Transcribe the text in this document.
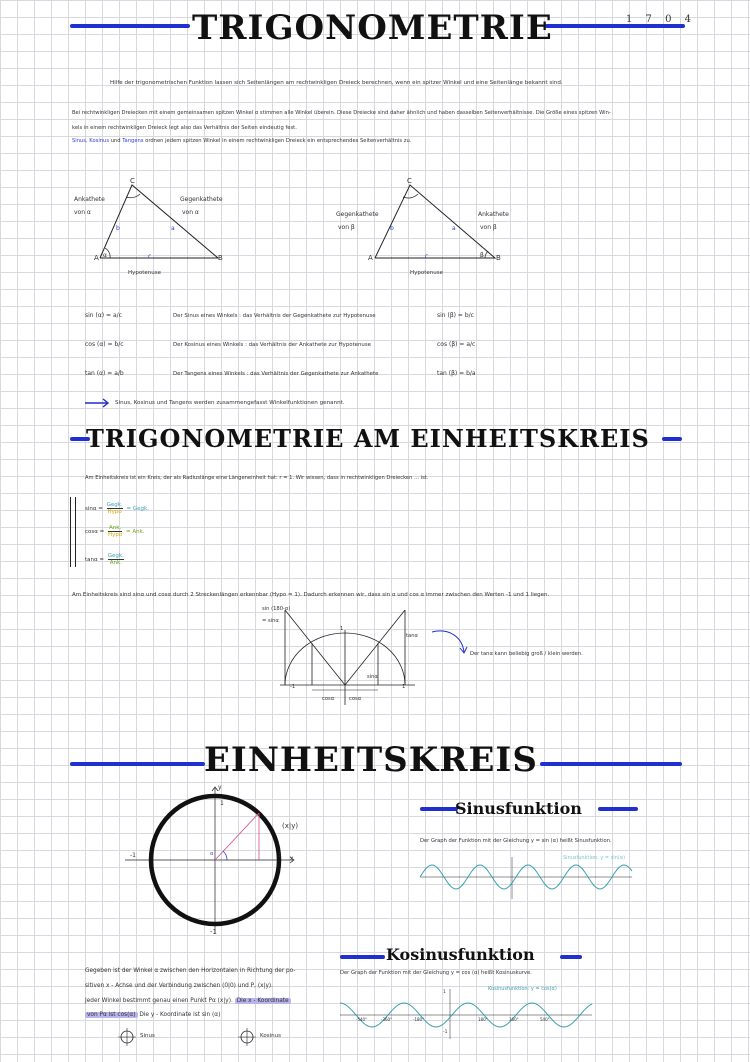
TRIGONOMETRIE	1 7 0 4
Hilfe der trigonometrischen Funktion lassen sich Seitenlängen am rechtwinkligen Dreieck berechnen, wenn ein spitzer Winkel und eine Seitenlänge bekannt sind.
Bei rechtwinkligen Dreiecken mit einem gemeinsamen spitzen Winkel α stimmen alle Winkel überein. Diese Dreiecke sind daher ähnlich und haben dasselben Seitenverhältnisse. Die Größe eines spitzen Win-
kels in einem rechtwinkligen Dreieck legt also das Verhältnis der Seiten eindeutig fest.
Sinus, Kosinus und Tangens ordnen jedem spitzen Winkel in einem rechtwinkligen Dreieck ein entsprechendes Seitenverhältnis zu.
Ankathete
von α
Gegenkathete
von α
Hypotenuse
A	B
C
b	a
c
α
Gegenkathete
von β
Ankathete
von β
Hypotenuse
A	B
C
b	a
c	β
sin (α) = a/c	Der Sinus eines Winkels : das Verhältnis der Gegenkathete zur Hypotenuse	sin (β) = b/c
cos (α) = b/c	Der Kosinus eines Winkels : das Verhältnis der Ankathete zur Hypotenuse	cos (β) = a/c
tan (α) = a/b	Der Tangens eines Winkels : das Verhältnis der Gegenkathete zur Ankathete	tan (β) = b/a
Sinus, Kosinus und Tangens werden zusammengefasst Winkelfunktionen genannt.
TRIGONOMETRIE AM EINHEITSKREIS
Am Einheitskreis ist ein Kreis, der als Radiuslänge eine Längeneinheit hat: r = 1. Wir wissen, dass in rechtwinkligen Dreiecken ... ist.
sinα =
Gegk.
Hypo = Gegk.
cosα =
Ank.
Hypo = Ank.
tanα =
Gegk.
Ank.
Am Einheitskreis sind sinα und cosα durch 2 Streckenlängen erkennbar (Hypo = 1). Dadurch erkennen wir, dass sin α und cos α immer zwischen den Werten -1 und 1 liegen.
sin (180-α)
= sinα
tanα
sinα
cosα	cosα
-1	1
1
Der tanα kann beliebig groß / klein werden.
EINHEITSKREIS
y
x
1
1
-1
-1
α
(x|y)
Gegeben ist der Winkel α zwischen den Horizontalen in Richtung der po-
sitiven x - Achse und der Verbindung zwischen (0|0) und P, (x|y).
Jeder Winkel bestimmt genau einen Punkt Pα (x|y). Die x - Koordinate
von Pα ist cos(α) Die y - Koordinate ist sin (α)
Sinus	Kosinus
Sinusfunktion
Der Graph der Funktion mit der Gleichung y = sin (α) heißt Sinusfunktion.
Sinusfunktion: y = sin(α)
Kosinusfunktion
Der Graph der Funktion mit der Gleichung y = cos (α) heißt Kosinuskurve.
Kosinusfunktion: y = cos(α)
1
-1
-540°	-360°	-180°	180°	360°	540°
